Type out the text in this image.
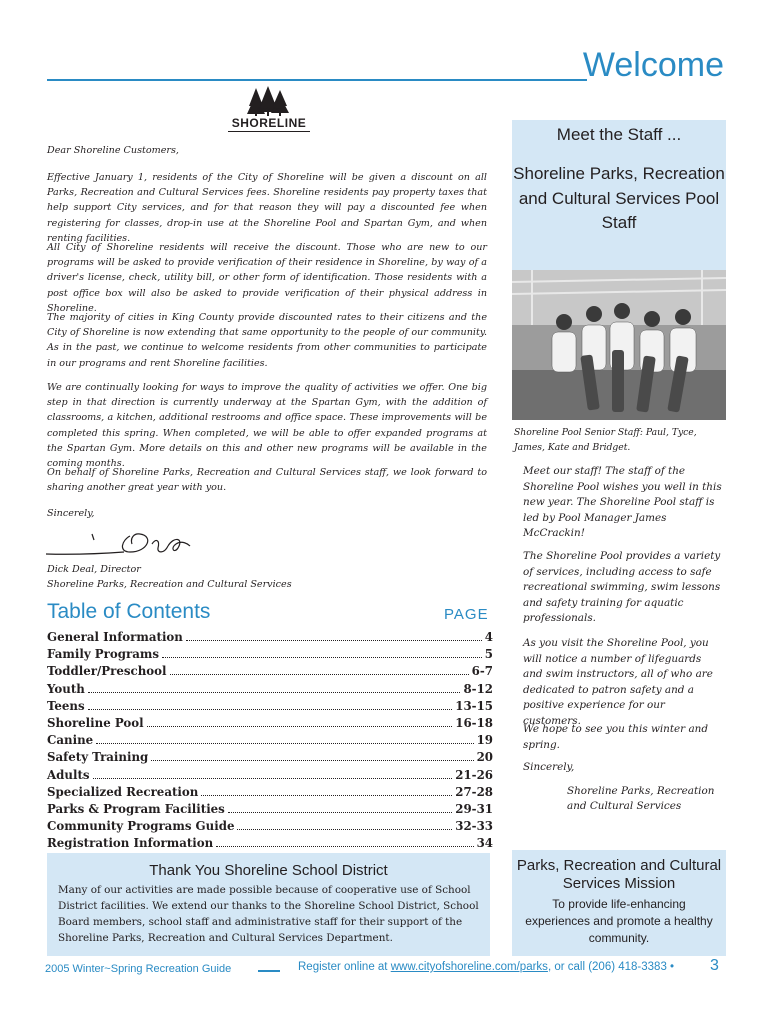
Welcome
CITY OF
SHORELINE
Dear Shoreline Customers,
Effective January 1, residents of the City of Shoreline will be given a discount on all Parks, Recreation and Cultural Services fees. Shoreline residents pay property taxes that help support City services, and for that reason they will pay a discounted fee when registering for classes, drop-in use at the Shoreline Pool and Spartan Gym, and when renting facilities.
All City of Shoreline residents will receive the discount. Those who are new to our programs will be asked to provide verification of their residence in Shoreline, by way of a driver's license, check, utility bill, or other form of identification. Those residents with a post office box will also be asked to provide verification of their physical address in Shoreline.
The majority of cities in King County provide discounted rates to their citizens and the City of Shoreline is now extending that same opportunity to the people of our community. As in the past, we continue to welcome residents from other communities to participate in our programs and rent Shoreline facilities.
We are continually looking for ways to improve the quality of activities we offer. One big step in that direction is currently underway at the Spartan Gym, with the addition of classrooms, a kitchen, additional restrooms and office space. These improvements will be completed this spring. When completed, we will be able to offer expanded programs at the Spartan Gym. More details on this and other new programs will be available in the coming months.
On behalf of Shoreline Parks, Recreation and Cultural Services staff, we look forward to sharing another great year with you.
Sincerely,
Dick Deal, Director
Shoreline Parks, Recreation and Cultural Services
Table of Contents	PAGE
General Information	4
Family Programs	5
Toddler/Preschool	6-7
Youth	8-12
Teens	13-15
Shoreline Pool	16-18
Canine	19
Safety Training	20
Adults	21-26
Specialized Recreation	27-28
Parks & Program Facilities	29-31
Community Programs Guide	32-33
Registration Information	34
Thank You Shoreline School District
Many of our activities are made possible because of cooperative use of School District facilities. We extend our thanks to the Shoreline School District, School Board members, school staff and administrative staff for their support of the Shoreline Parks, Recreation and Cultural Services Department.
2005 Winter~Spring Recreation Guide	Register online at www.cityofshoreline.com/parks, or call (206) 418-3383 • 3
Meet the Staff ...
Shoreline Parks, Recreation and Cultural Services Pool Staff
Shoreline Pool Senior Staff: Paul, Tyce, James, Kate and Bridget.
Meet our staff! The staff of the Shoreline Pool wishes you well in this new year. The Shoreline Pool staff is led by Pool Manager James McCrackin!
The Shoreline Pool provides a variety of services, including access to safe recreational swimming, swim lessons and safety training for aquatic professionals.
As you visit the Shoreline Pool, you will notice a number of lifeguards and swim instructors, all of who are dedicated to patron safety and a positive experience for our customers.
We hope to see you this winter and spring.
Sincerely,
Shoreline Parks, Recreation
and Cultural Services
Parks, Recreation and Cultural Services Mission
To provide life-enhancing experiences and promote a healthy community.
